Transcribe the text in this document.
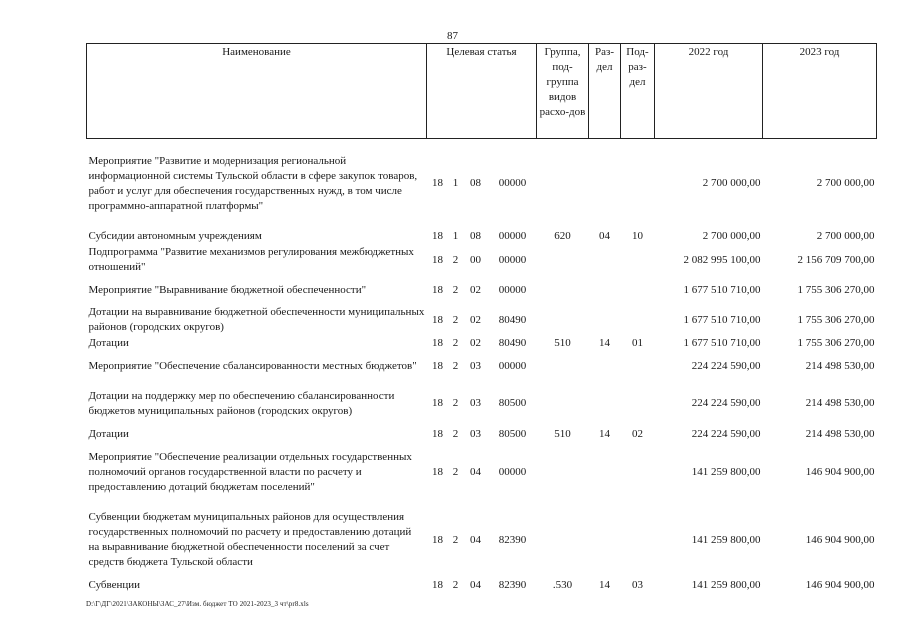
87
Наименование	Целевая статья				Группа, под-группа видов расхо-дов	Раз-дел	Под-раз-дел	2022 год	2023 год
Мероприятие "Развитие и модернизация региональной информационной системы Тульской области в сфере закупок товаров, работ и услуг для обеспечения государственных нужд, в том числе программно-аппаратной платформы"	18	1	08	00000				2 700 000,00	2 700 000,00
Субсидии автономным учреждениям	18	1	08	00000	620	04	10	2 700 000,00	2 700 000,00
Подпрограмма "Развитие механизмов регулирования межбюджетных отношений"	18	2	00	00000				2 082 995 100,00	2 156 709 700,00
Мероприятие "Выравнивание бюджетной обеспеченности"	18	2	02	00000				1 677 510 710,00	1 755 306 270,00
Дотации на выравнивание бюджетной обеспеченности муниципальных районов (городских округов)	18	2	02	80490				1 677 510 710,00	1 755 306 270,00
Дотации	18	2	02	80490	510	14	01	1 677 510 710,00	1 755 306 270,00
Мероприятие "Обеспечение сбалансированности местных бюджетов"	18	2	03	00000				224 224 590,00	214 498 530,00
Дотации на поддержку мер по обеспечению сбалансированности бюджетов муниципальных районов (городских округов)	18	2	03	80500				224 224 590,00	214 498 530,00
Дотации	18	2	03	80500	510	14	02	224 224 590,00	214 498 530,00
Мероприятие "Обеспечение реализации отдельных государственных полномочий органов государственной власти по расчету и предоставлению дотаций бюджетам поселений"	18	2	04	00000				141 259 800,00	146 904 900,00
Субвенции бюджетам муниципальных районов для осуществления государственных полномочий по расчету и предоставлению дотаций на выравнивание бюджетной обеспеченности поселений за счет средств бюджета Тульской области	18	2	04	82390				141 259 800,00	146 904 900,00
Субвенции	18	2	04	82390	.530	14	03	141 259 800,00	146 904 900,00
D:\Г\ДГ\2021\ЗАКОНЫ\ЗАС_27\Изм. бюджет ТО 2021-2023_3 чт\pr8.xls
